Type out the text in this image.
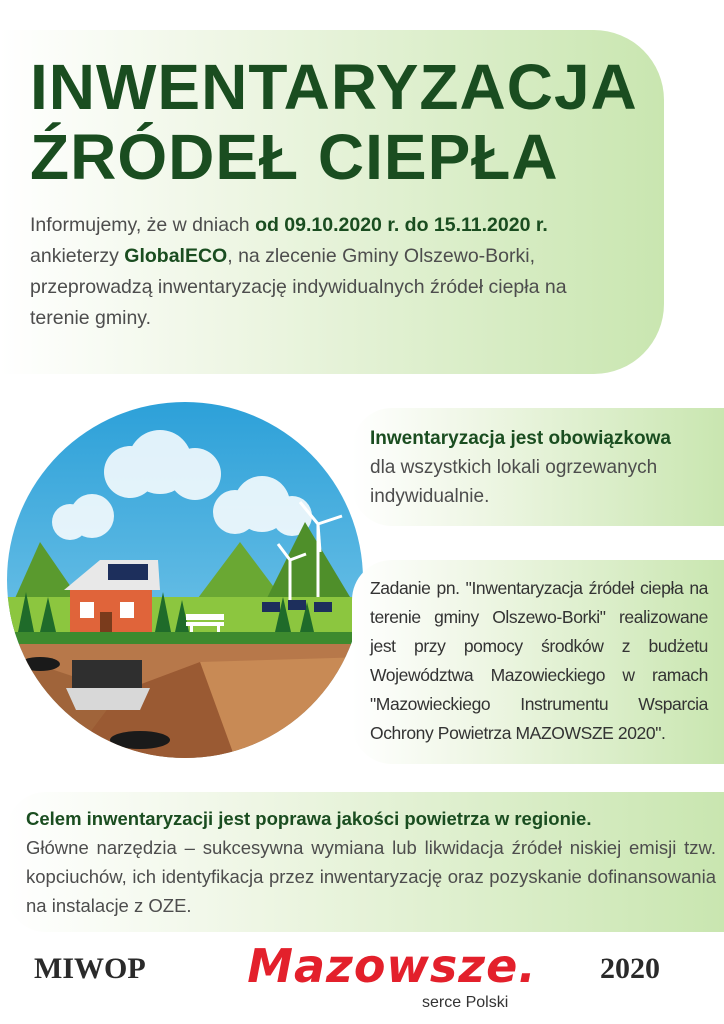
INWENTARYZACJA
ŹRÓDEŁ CIEPŁA

Informujemy, że w dniach od 09.10.2020 r. do 15.11.2020 r. ankieterzy GlobalECO, na zlecenie Gminy Olszewo-Borki, przeprowadzą inwentaryzację indywidualnych źródeł ciepła na terenie gminy.

Inwentaryzacja jest obowiązkowa
dla wszystkich lokali ogrzewanych indywidualnie.
Zadanie pn. "Inwentaryzacja źródeł ciepła na terenie gminy Olszewo-Borki" realizowane jest przy pomocy środków z budżetu Województwa Mazowieckiego w ramach "Mazowieckiego Instrumentu Wsparcia Ochrony Powietrza MAZOWSZE 2020".
Celem inwentaryzacji jest poprawa jakości powietrza w regionie.
Główne narzędzia – sukcesywna wymiana lub likwidacja źródeł niskiej emisji tzw. kopciuchów, ich identyfikacja przez inwentaryzację oraz pozyskanie dofinansowania na instalacje z OZE.
MIWOP	Mazowsze.
serce Polski
2020
